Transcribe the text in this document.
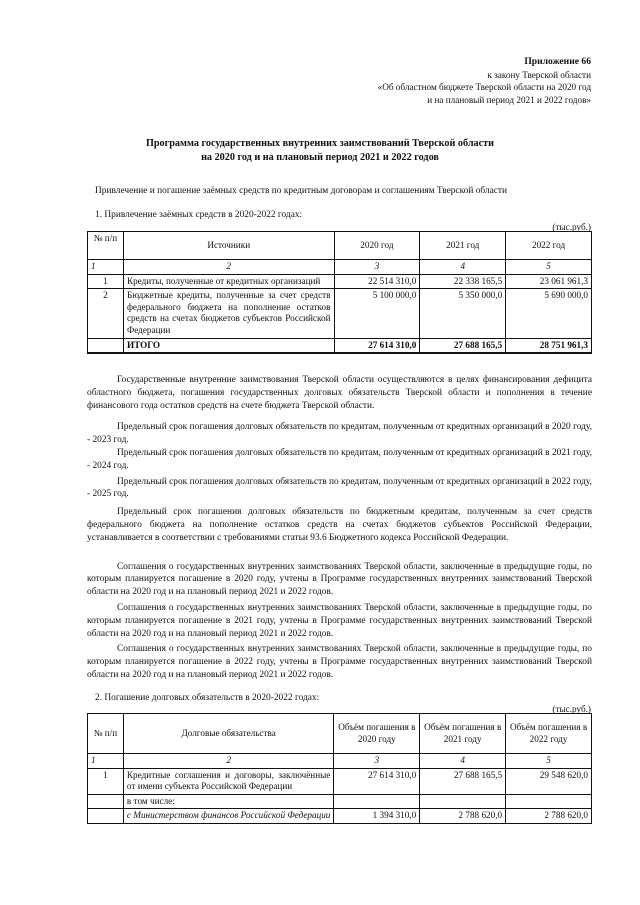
Приложение 66
к закону Тверской области
«Об областном бюджете Тверской области на 2020 год
и на плановый период 2021 и 2022 годов»
Программа государственных внутренних заимствований Тверской области
на 2020 год и на плановый период 2021 и 2022 годов
Привлечение и погашение заёмных средств по кредитным договорам и соглашениям Тверской области
1. Привлечение заёмных средств в 2020-2022 годах:
(тыс.руб.)
№ п/п	Источники	2020 год	2021 год	2022 год
1	2	3	4	5
1	Кредиты, полученные от кредитных организаций	22 514 310,0	22 338 165,5	23 061 961,3
2	Бюджетные кредиты, полученные за счет средств федерального бюджета на пополнение остатков средств на счетах бюджетов субъектов Российской Федерации	5 100 000,0	5 350 000,0	5 690 000,0
	ИТОГО	27 614 310,0	27 688 165,5	28 751 961,3
Государственные внутренние заимствования Тверской области осуществляются в целях финансирования дефицита областного бюджета, погашения государственных долговых обязательств Тверской области и пополнения в течение финансового года остатков средств на счете бюджета Тверской области.
Предельный срок погашения долговых обязательств по кредитам, полученным от кредитных организаций в 2020 году, - 2023 год.
Предельный срок погашения долговых обязательств по кредитам, полученным от кредитных организаций в 2021 году, - 2024 год.
Предельный срок погашения долговых обязательств по кредитам, полученным от кредитных организаций в 2022 году, - 2025 год.
Предельный срок погашения долговых обязательств по бюджетным кредитам, полученным за счет средств федерального бюджета на пополнение остатков средств на счетах бюджетов субъектов Российской Федерации, устанавливается в соответствии с требованиями статьи 93.6 Бюджетного кодекса Российской Федерации.
Соглашения о государственных внутренних заимствованиях Тверской области, заключенные в предыдущие годы, по которым планируется погашение в 2020 году, учтены в Программе государственных внутренних заимствований Тверской области на 2020 год и на плановый период 2021 и 2022 годов.
Соглашения о государственных внутренних заимствованиях Тверской области, заключенные в предыдущие годы, по которым планируется погашение в 2021 году, учтены в Программе государственных внутренних заимствований Тверской области на 2020 год и на плановый период 2021 и 2022 годов.
Соглашения о государственных внутренних заимствованиях Тверской области, заключенные в предыдущие годы, по которым планируется погашение в 2022 году, учтены в Программе государственных внутренних заимствований Тверской области на 2020 год и на плановый период 2021 и 2022 годов.
2. Погашение долговых обязательств в 2020-2022 годах:
(тыс.руб.)
№ п/п	Долговые обязательства	Объём погашения в 2020 году	Объём погашения в 2021 году	Объём погашения в 2022 году
1	2	3	4	5
1	Кредитные соглашения и договоры, заключённые от имени субъекта Российской Федерации	27 614 310,0	27 688 165,5	29 548 620,0
	в том числе:			
	с Министерством финансов Российской Федерации	1 394 310,0	2 788 620,0	2 788 620,0
